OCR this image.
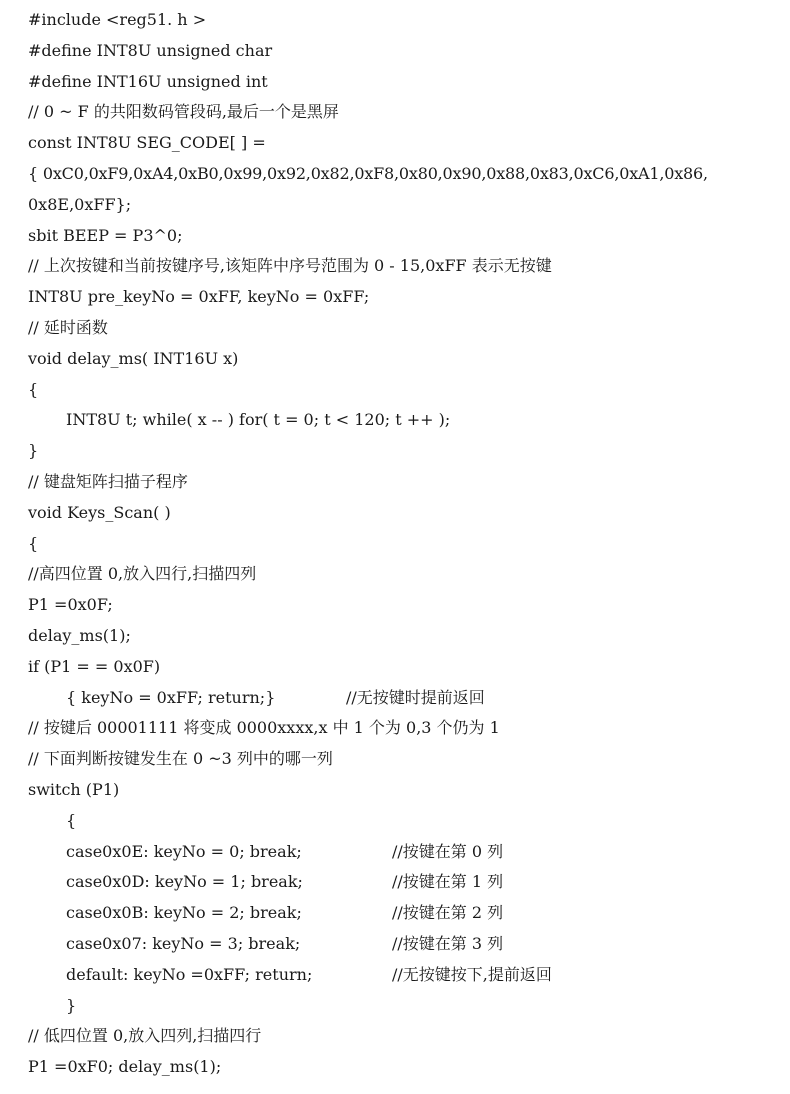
#include <reg51. h >
#define INT8U unsigned char
#define INT16U unsigned int
// 0 ~ F 的共阳数码管段码,最后一个是黑屏
const INT8U SEG_CODE[ ] =
{ 0xC0,0xF9,0xA4,0xB0,0x99,0x92,0x82,0xF8,0x80,0x90,0x88,0x83,0xC6,0xA1,0x86,
0x8E,0xFF};
sbit BEEP = P3^0;
// 上次按键和当前按键序号,该矩阵中序号范围为 0 - 15,0xFF 表示无按键
INT8U pre_keyNo = 0xFF, keyNo = 0xFF;
// 延时函数
void delay_ms( INT16U x)
{
INT8U t; while( x -- ) for( t = 0; t < 120; t ++ );
}
// 键盘矩阵扫描子程序
void Keys_Scan( )
{
//高四位置 0,放入四行,扫描四列
P1 =0x0F;
delay_ms(1);
if (P1 = = 0x0F)
{ keyNo = 0xFF; return;}	//无按键时提前返回
// 按键后 00001111 将变成 0000xxxx,x 中 1 个为 0,3 个仍为 1
// 下面判断按键发生在 0 ~3 列中的哪一列
switch (P1)
{
case0x0E: keyNo = 0; break;	//按键在第 0 列
case0x0D: keyNo = 1; break;	//按键在第 1 列
case0x0B: keyNo = 2; break;	//按键在第 2 列
case0x07: keyNo = 3; break;	//按键在第 3 列
default: keyNo =0xFF; return;	//无按键按下,提前返回
}
// 低四位置 0,放入四列,扫描四行
P1 =0xF0; delay_ms(1);
